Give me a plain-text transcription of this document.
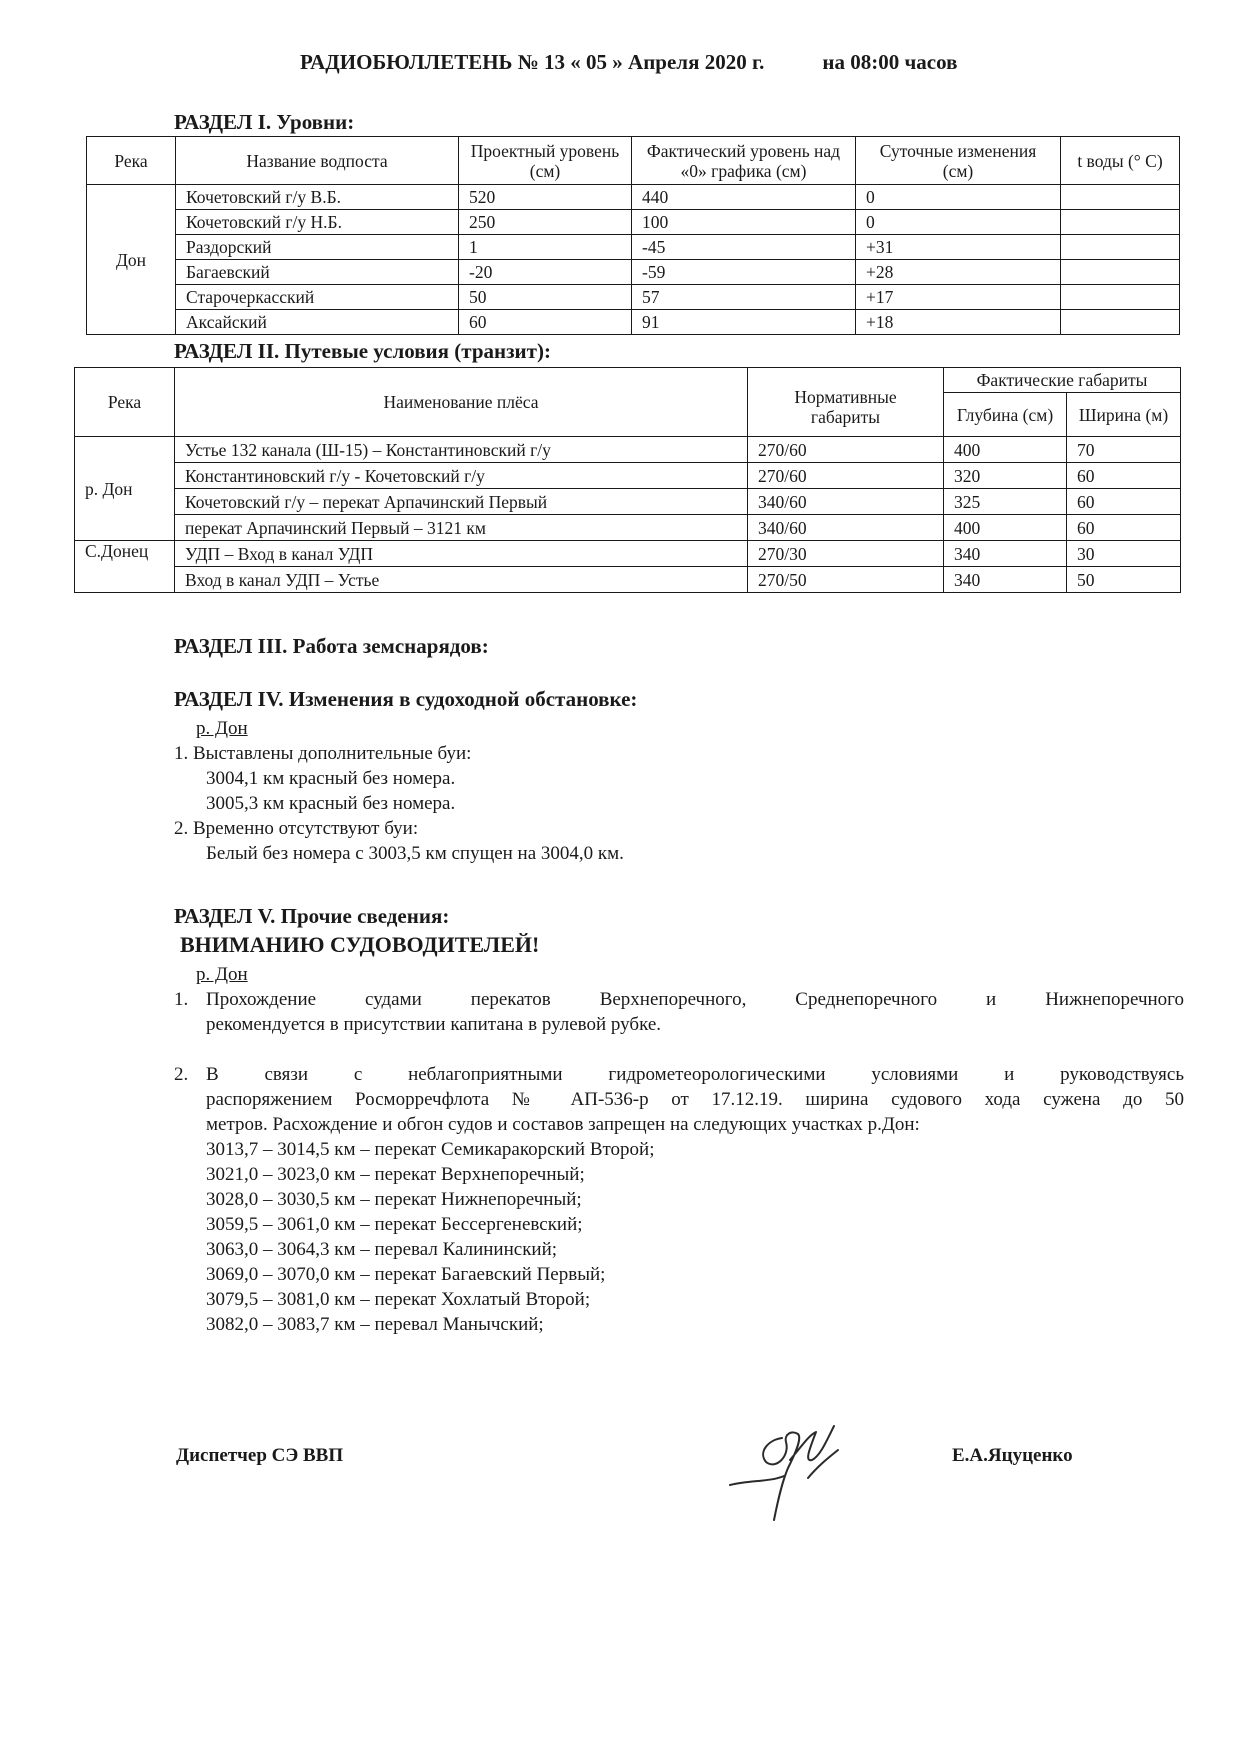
РАДИОБЮЛЛЕТЕНЬ № 13 « 05 » Апреля 2020 г.	на 08:00 часов
РАЗДЕЛ I. Уровни:
Река	Название водпоста	Проектный уровень (см)	Фактический уровень над «0» графика (см)	Суточные изменения (см)	t воды (° C)
Дон	Кочетовский г/у В.Б.	520	440	0	
	Кочетовский г/у Н.Б.	250	100	0	
	Раздорский	1	-45	+31	
	Багаевский	-20	-59	+28	
	Старочеркасский	50	57	+17	
	Аксайский	60	91	+18	
РАЗДЕЛ II. Путевые условия (транзит):
Река	Наименование плёса	Нормативные габариты	Фактические габариты	
			Глубина (см)	Ширина (м)
р. Дон	Устье 132 канала (Ш-15) – Константиновский г/у	270/60	400	70
	Константиновский г/у - Кочетовский г/у	270/60	320	60
	Кочетовский г/у – перекат Арпачинский Первый	340/60	325	60
	перекат Арпачинский Первый – 3121 км	340/60	400	60
С.Донец	УДП – Вход в канал УДП	270/30	340	30
	Вход в канал УДП – Устье	270/50	340	50
РАЗДЕЛ III. Работа земснарядов:
РАЗДЕЛ IV. Изменения в судоходной обстановке:

р. Дон

1. Выставлены дополнительные буи:

3004,1 км красный без номера.

3005,3 км красный без номера.

2. Временно отсутствуют буи:

Белый без номера с 3003,5 км спущен на 3004,0 км.

РАЗДЕЛ V. Прочие сведения:
ВНИМАНИЮ СУДОВОДИТЕЛЕЙ!

р. Дон

1. Прохождение судами перекатов Верхнепоречного, Среднепоречного и Нижнепоречного

рекомендуется в присутствии капитана в рулевой рубке.

2. В связи с неблагоприятными гидрометеорологическими условиями и руководствуясь

распоряжением Росморречфлота № АП-536-р от 17.12.19. ширина судового хода сужена до 50

метров. Расхождение и обгон судов и составов запрещен на следующих участках р.Дон:

3013,7 – 3014,5 км – перекат Семикаракорский Второй;

3021,0 – 3023,0 км – перекат Верхнепоречный;

3028,0 – 3030,5 км – перекат Нижнепоречный;

3059,5 – 3061,0 км – перекат Бессергеневский;

3063,0 – 3064,3 км – перевал Калининский;

3069,0 – 3070,0 км – перекат Багаевский Первый;

3079,5 – 3081,0 км – перекат Хохлатый Второй;

3082,0 – 3083,7 км – перевал Манычский;

Диспетчер СЭ ВВП	Е.А.Яцуценко
